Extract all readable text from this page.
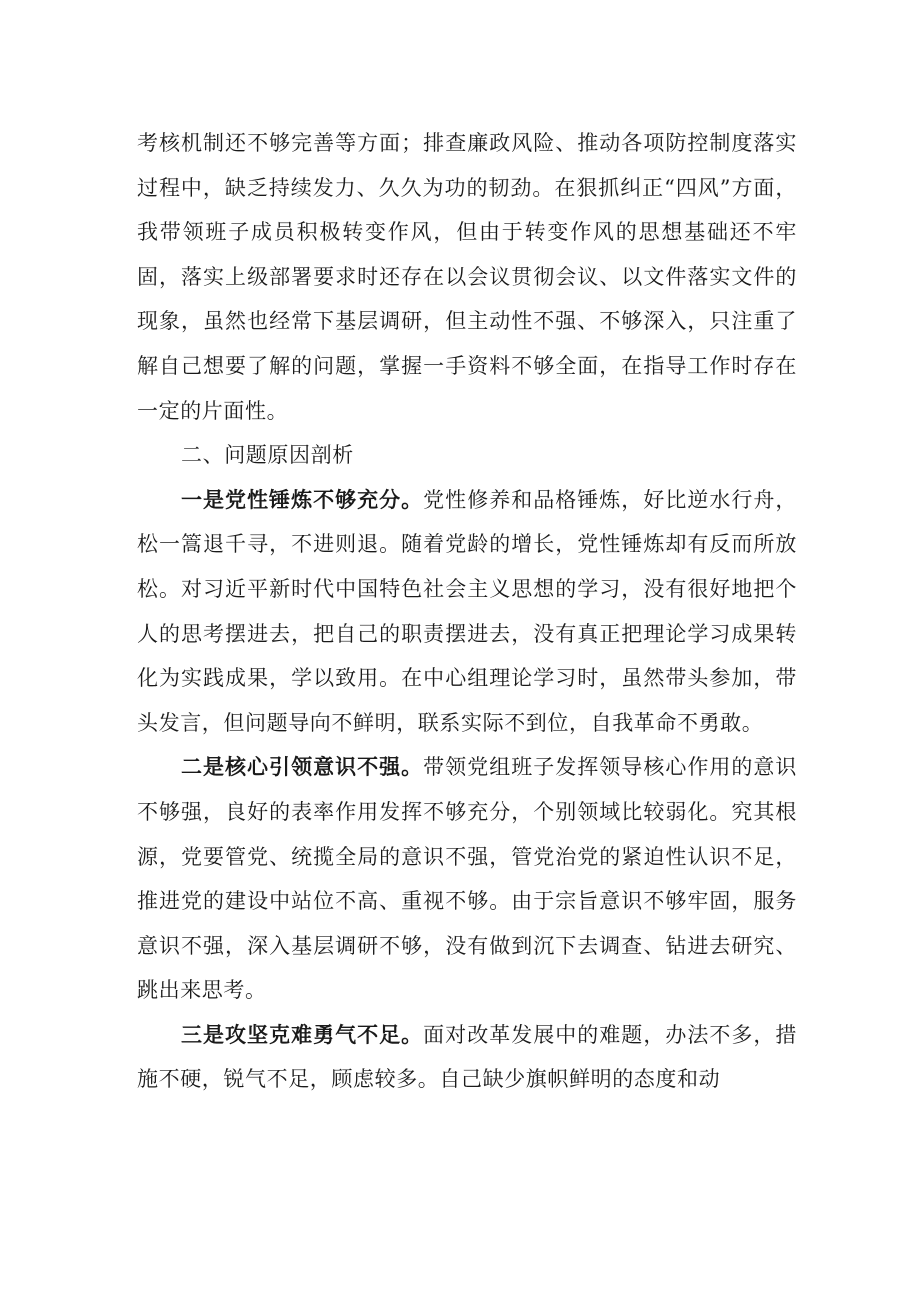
考核机制还不够完善等方面；排查廉政风险、推动各项防控制度落实过程中，缺乏持续发力、久久为功的韧劲。在狠抓纠正“四风”方面，我带领班子成员积极转变作风，但由于转变作风的思想基础还不牢固，落实上级部署要求时还存在以会议贯彻会议、以文件落实文件的现象，虽然也经常下基层调研，但主动性不强、不够深入，只注重了解自己想要了解的问题，掌握一手资料不够全面，在指导工作时存在一定的片面性。

二、问题原因剖析

一是党性锤炼不够充分。党性修养和品格锤炼，好比逆水行舟，松一篙退千寻，不进则退。随着党龄的增长，党性锤炼却有反而所放松。对习近平新时代中国特色社会主义思想的学习，没有很好地把个人的思考摆进去，把自己的职责摆进去，没有真正把理论学习成果转化为实践成果，学以致用。在中心组理论学习时，虽然带头参加，带头发言，但问题导向不鲜明，联系实际不到位，自我革命不勇敢。

二是核心引领意识不强。带领党组班子发挥领导核心作用的意识不够强，良好的表率作用发挥不够充分，个别领域比较弱化。究其根源，党要管党、统揽全局的意识不强，管党治党的紧迫性认识不足，推进党的建设中站位不高、重视不够。由于宗旨意识不够牢固，服务意识不强，深入基层调研不够，没有做到沉下去调查、钻进去研究、跳出来思考。

三是攻坚克难勇气不足。面对改革发展中的难题，办法不多，措施不硬，锐气不足，顾虑较多。自己缺少旗帜鲜明的态度和动
